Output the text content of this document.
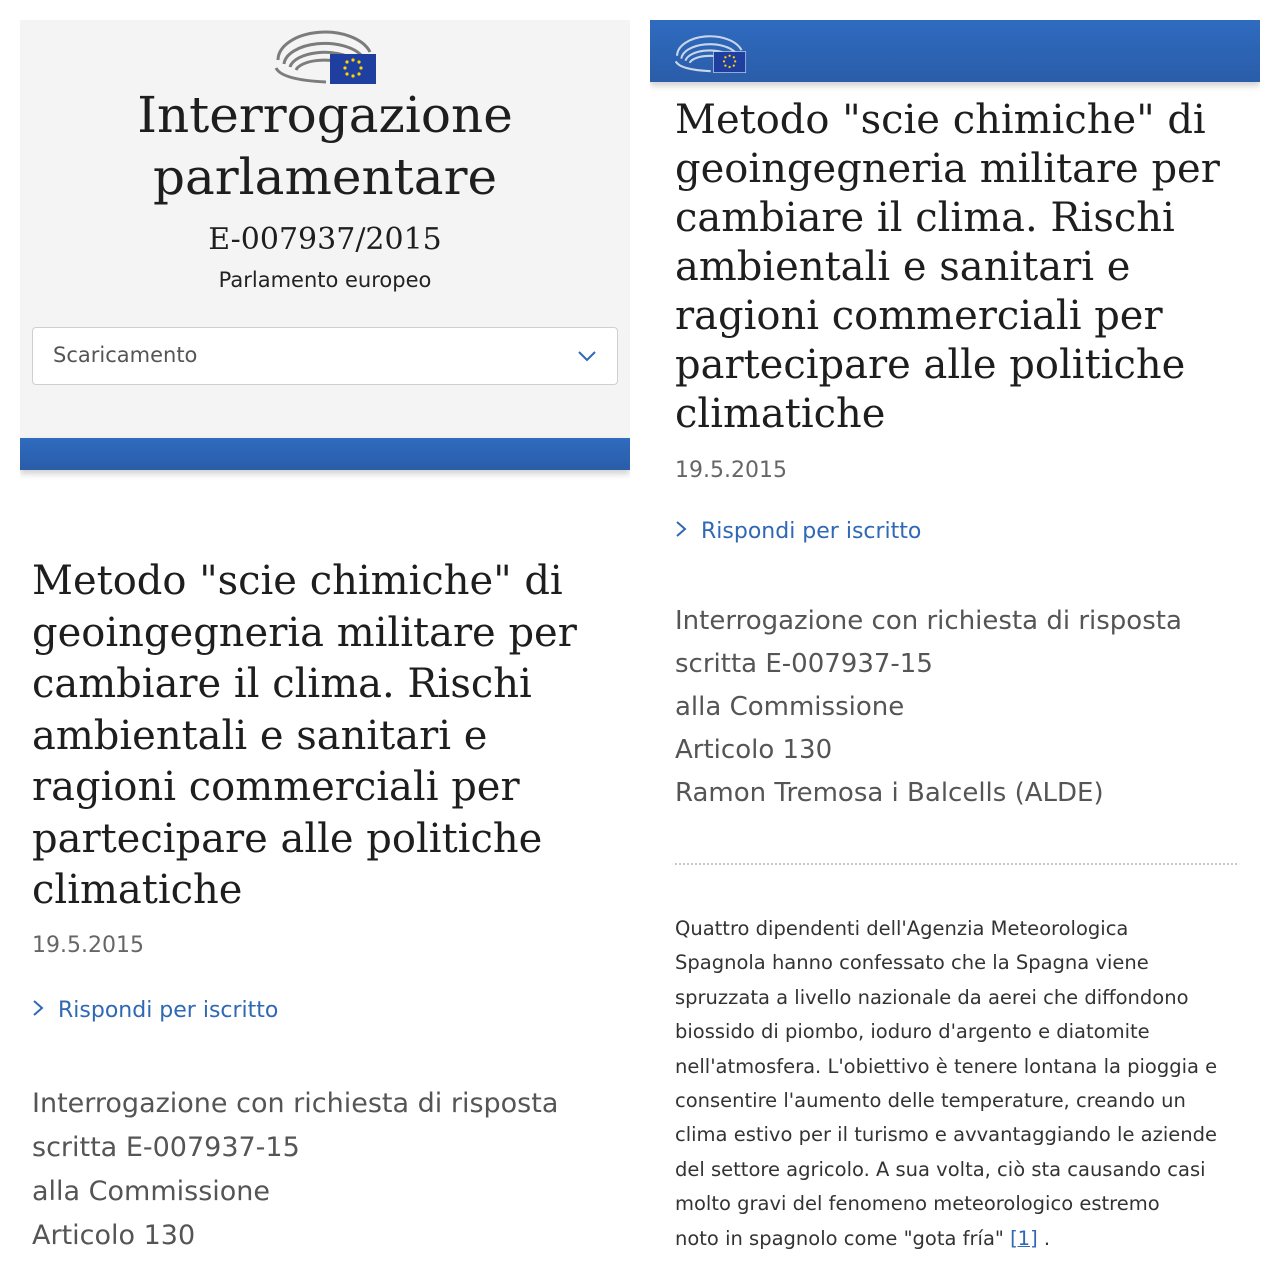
Interrogazione
parlamentare
E-007937/2015
Parlamento europeo
Scaricamento
Metodo "scie chimiche" di
geoingegneria militare per
cambiare il clima. Rischi
ambientali e sanitari e
ragioni commerciali per
partecipare alle politiche
climatiche
19.5.2015
Rispondi per iscritto
Interrogazione con richiesta di risposta
scritta E-007937-15
alla Commissione
Articolo 130
Metodo "scie chimiche" di
geoingegneria militare per
cambiare il clima. Rischi
ambientali e sanitari e
ragioni commerciali per
partecipare alle politiche
climatiche
19.5.2015
Rispondi per iscritto
Interrogazione con richiesta di risposta
scritta E-007937-15
alla Commissione
Articolo 130
Ramon Tremosa i Balcells (ALDE)
Quattro dipendenti dell'Agenzia Meteorologica
Spagnola hanno confessato che la Spagna viene
spruzzata a livello nazionale da aerei che diffondono
biossido di piombo, ioduro d'argento e diatomite
nell'atmosfera. L'obiettivo è tenere lontana la pioggia e
consentire l'aumento delle temperature, creando un
clima estivo per il turismo e avvantaggiando le aziende
del settore agricolo. A sua volta, ciò sta causando casi
molto gravi del fenomeno meteorologico estremo
noto in spagnolo come "gota fría" [1] .
